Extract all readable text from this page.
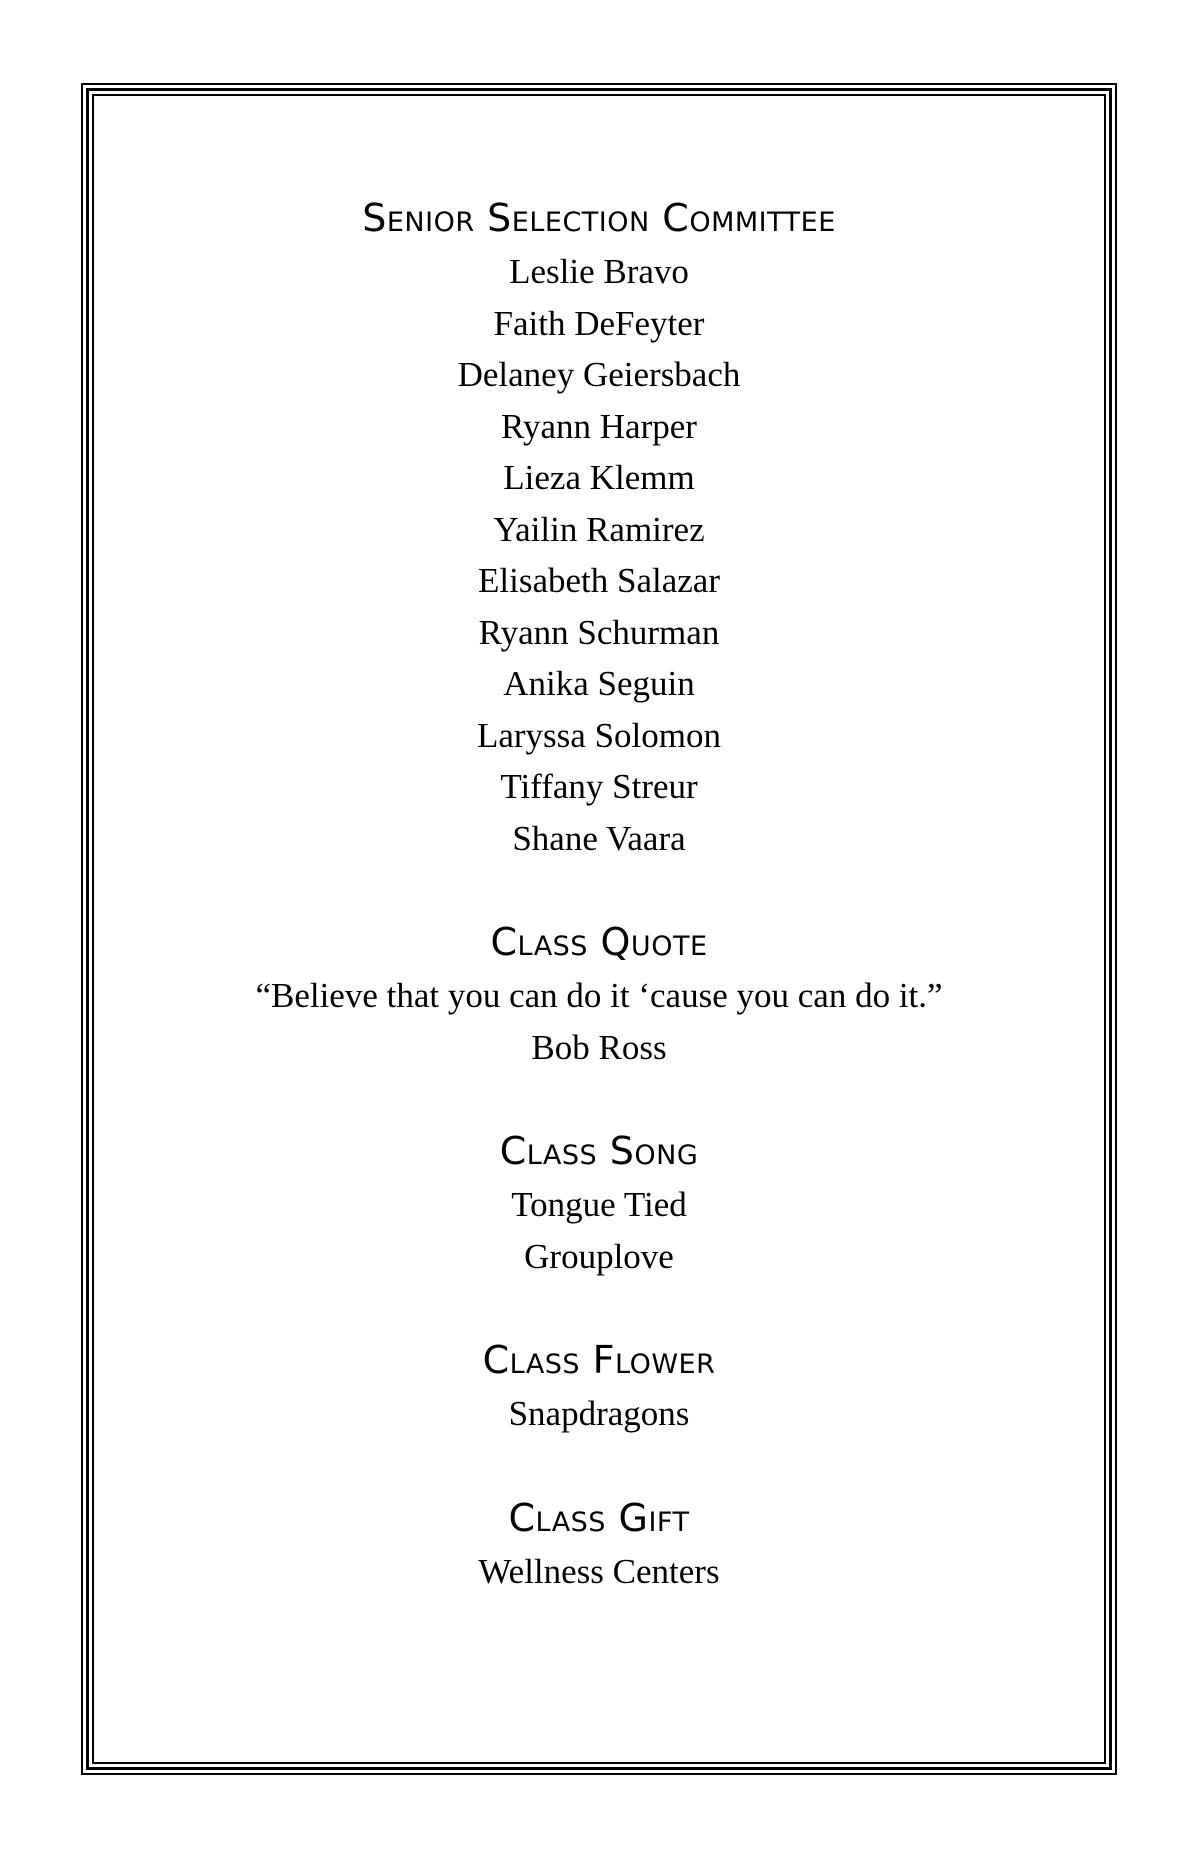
Senior Selection Committee

Leslie Bravo

Faith DeFeyter

Delaney Geiersbach

Ryann Harper

Lieza Klemm

Yailin Ramirez

Elisabeth Salazar

Ryann Schurman

Anika Seguin

Laryssa Solomon

Tiffany Streur

Shane Vaara

Class Quote

“Believe that you can do it ‘cause you can do it.”

Bob Ross

Class Song

Tongue Tied

Grouplove

Class Flower

Snapdragons

Class Gift

Wellness Centers
